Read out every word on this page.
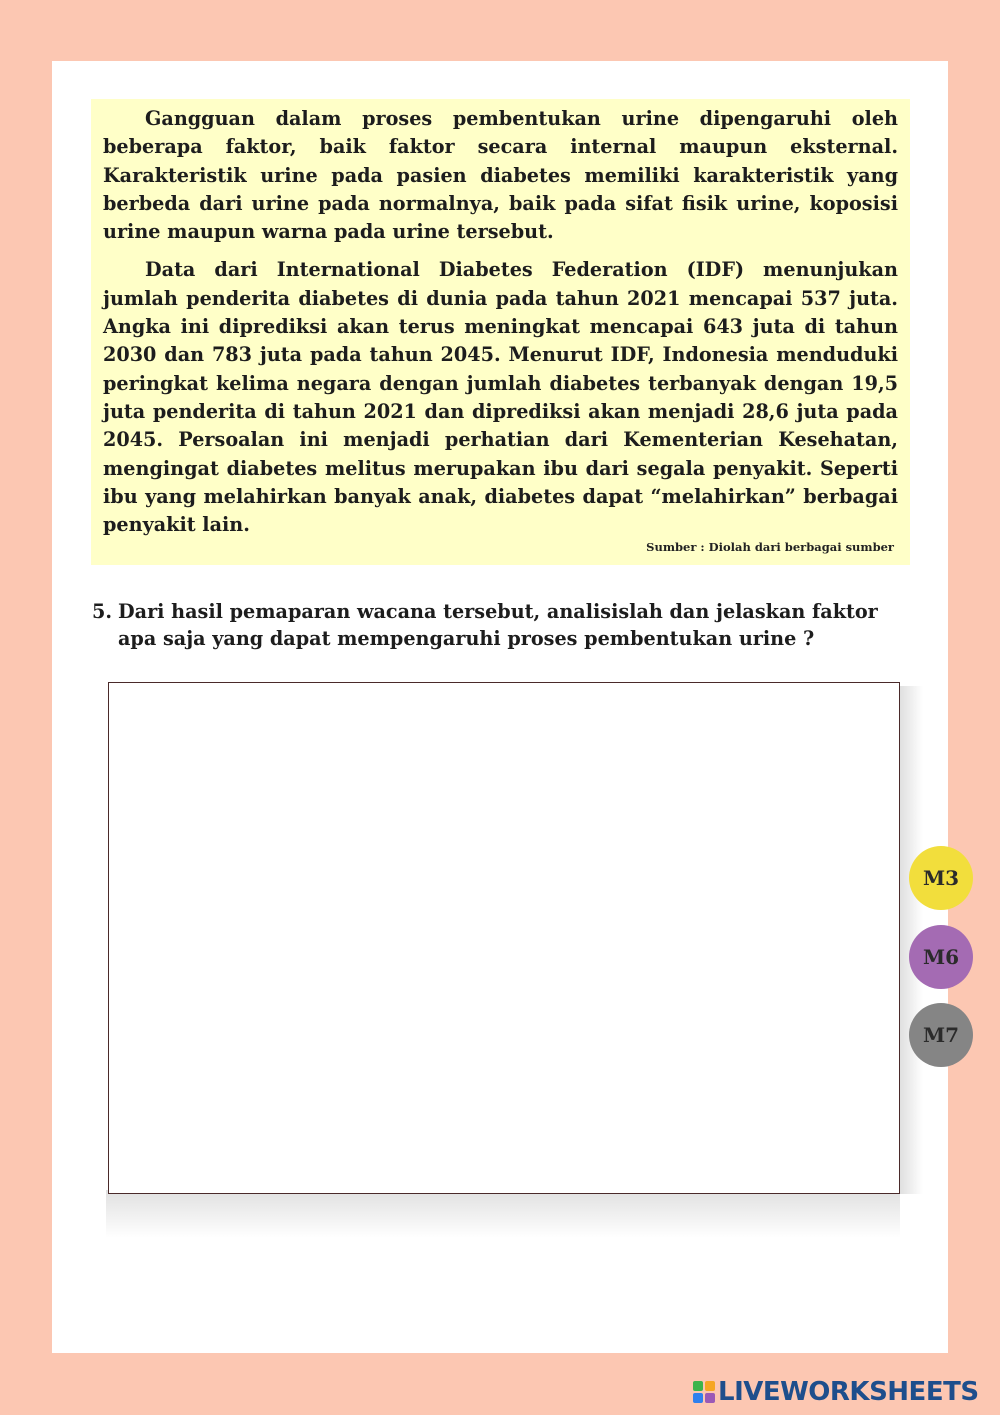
Gangguan dalam proses pembentukan urine dipengaruhi oleh beberapa faktor, baik faktor secara internal maupun eksternal. Karakteristik urine pada pasien diabetes memiliki karakteristik yang berbeda dari urine pada normalnya, baik pada sifat fisik urine, koposisi urine maupun warna pada urine tersebut.

Data dari International Diabetes Federation (IDF) menunjukan jumlah penderita diabetes di dunia pada tahun 2021 mencapai 537 juta. Angka ini diprediksi akan terus meningkat mencapai 643 juta di tahun 2030 dan 783 juta pada tahun 2045. Menurut IDF, Indonesia menduduki peringkat kelima negara dengan jumlah diabetes terbanyak dengan 19,5 juta penderita di tahun 2021 dan diprediksi akan menjadi 28,6 juta pada 2045. Persoalan ini menjadi perhatian dari Kementerian Kesehatan, mengingat diabetes melitus merupakan ibu dari segala penyakit. Seperti ibu yang melahirkan banyak anak, diabetes dapat “melahirkan” berbagai penyakit lain.

Sumber : Diolah dari berbagai sumber
5. Dari hasil pemaparan wacana tersebut, analisislah dan jelaskan faktor apa saja yang dapat mempengaruhi proses pembentukan urine ?
M3
M6
M7
LIVEWORKSHEETS
